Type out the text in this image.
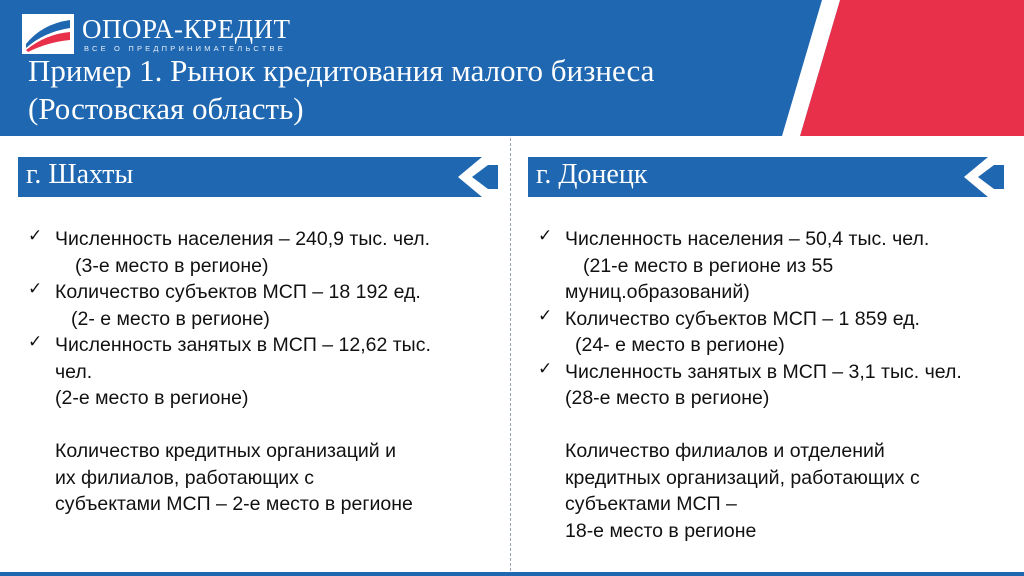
ОПОРА-КРЕДИТ
ВСЕ О ПРЕДПРИНИМАТЕЛЬСТВЕ
Пример 1. Рынок кредитования малого бизнеса
(Ростовская область)
г. Шахты	г. Донецк
✓ Численность населения – 240,9 тыс. чел.
(3-е место в регионе)
✓ Количество субъектов МСП – 18 192 ед.
(2- е место в регионе)
✓ Численность занятых в МСП – 12,62 тыс. чел.
(2-е место в регионе)
Количество кредитных организаций и
их филиалов, работающих с
субъектами МСП – 2-е место в регионе
✓ Численность населения – 50,4 тыс. чел.
(21-е место в регионе из 55 муниц.образований)
✓ Количество субъектов МСП – 1 859 ед.
(24- е место в регионе)
✓ Численность занятых в МСП – 3,1 тыс. чел.
(28-е место в регионе)
Количество филиалов и отделений
кредитных организаций, работающих с
субъектами МСП –
18-е место в регионе
